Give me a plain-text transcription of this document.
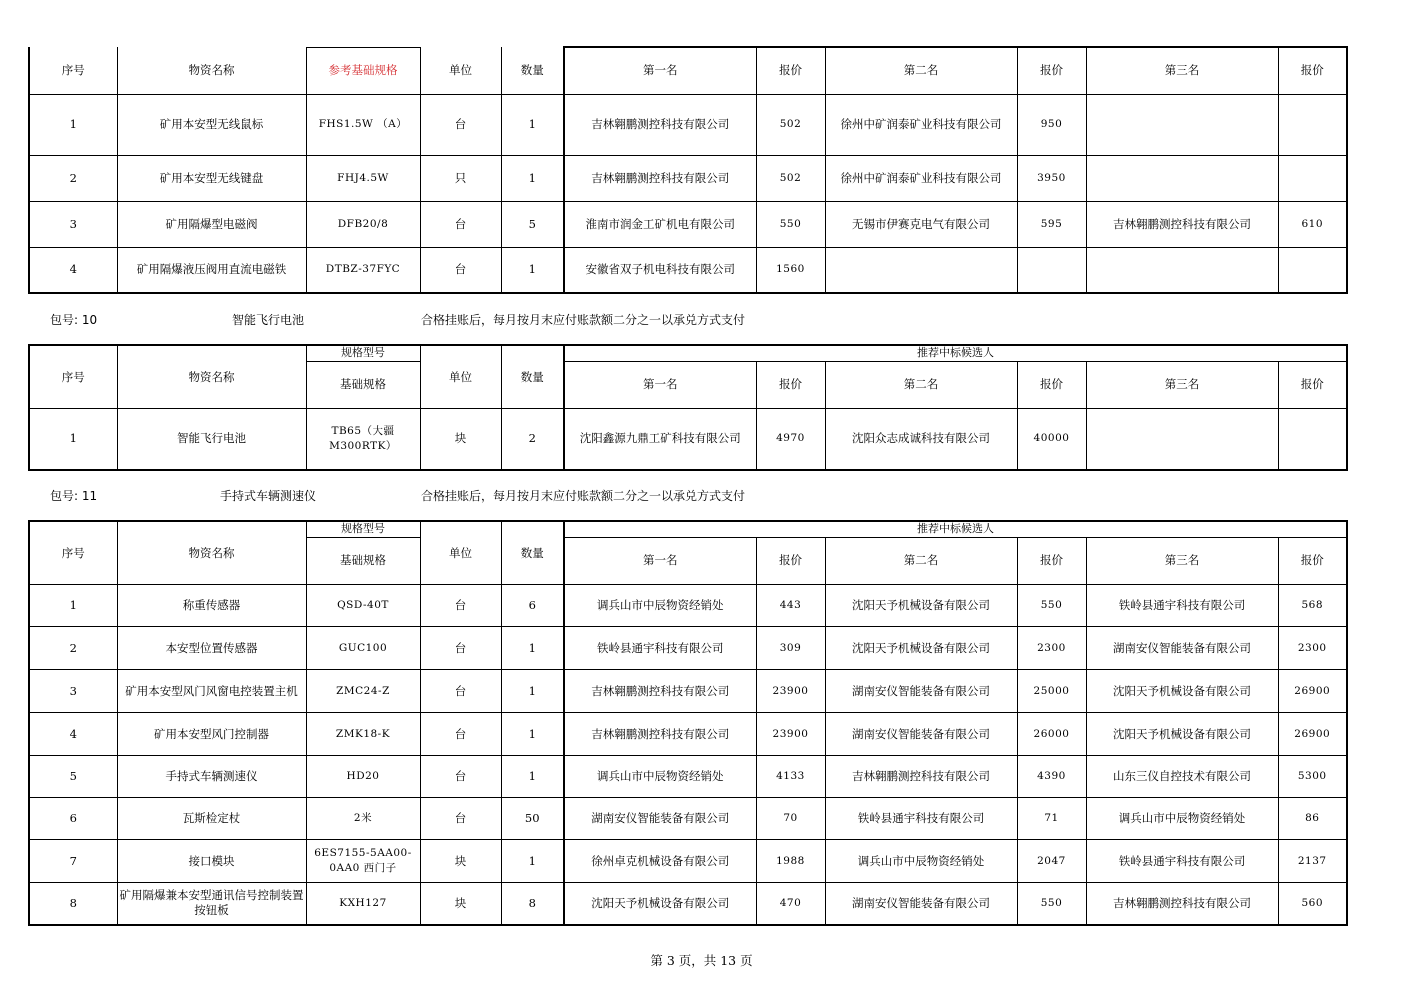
序号	物资名称	参考基础规格	单位	数量	第一名	报价	第二名	报价	第三名	报价
1	矿用本安型无线鼠标	FHS1.5W （A）	台	1	吉林翱鹏测控科技有限公司	502	徐州中矿润泰矿业科技有限公司	950		
2	矿用本安型无线键盘	FHJ4.5W	只	1	吉林翱鹏测控科技有限公司	502	徐州中矿润泰矿业科技有限公司	3950		
3	矿用隔爆型电磁阀	DFB20/8	台	5	淮南市润金工矿机电有限公司	550	无锡市伊赛克电气有限公司	595	吉林翱鹏测控科技有限公司	610
4	矿用隔爆液压阀用直流电磁铁	DTBZ-37FYC	台	1	安徽省双子机电科技有限公司	1560				
包号: 10	智能飞行电池	合格挂账后，每月按月末应付账款额二分之一以承兑方式支付
序号	物资名称	规格型号	单位	数量	推荐中标候选人					
		基础规格			第一名	报价	第二名	报价	第三名	报价
1	智能飞行电池	TB65（大疆M300RTK）	块	2	沈阳鑫源九鼎工矿科技有限公司	4970	沈阳众志成诚科技有限公司	40000		
包号: 11	手持式车辆测速仪	合格挂账后，每月按月末应付账款额二分之一以承兑方式支付
序号	物资名称	规格型号	单位	数量	推荐中标候选人					
		基础规格			第一名	报价	第二名	报价	第三名	报价
1	称重传感器	QSD-40T	台	6	调兵山市中辰物资经销处	443	沈阳天予机械设备有限公司	550	铁岭县通宇科技有限公司	568
2	本安型位置传感器	GUC100	台	1	铁岭县通宇科技有限公司	309	沈阳天予机械设备有限公司	2300	湖南安仪智能装备有限公司	2300
3	矿用本安型风门风窗电控装置主机	ZMC24-Z	台	1	吉林翱鹏测控科技有限公司	23900	湖南安仪智能装备有限公司	25000	沈阳天予机械设备有限公司	26900
4	矿用本安型风门控制器	ZMK18-K	台	1	吉林翱鹏测控科技有限公司	23900	湖南安仪智能装备有限公司	26000	沈阳天予机械设备有限公司	26900
5	手持式车辆测速仪	HD20	台	1	调兵山市中辰物资经销处	4133	吉林翱鹏测控科技有限公司	4390	山东三仪自控技术有限公司	5300
6	瓦斯检定杖	2米	台	50	湖南安仪智能装备有限公司	70	铁岭县通宇科技有限公司	71	调兵山市中辰物资经销处	86
7	接口模块	6ES7155-5AA00-0AA0 西门子	块	1	徐州卓克机械设备有限公司	1988	调兵山市中辰物资经销处	2047	铁岭县通宇科技有限公司	2137
8	矿用隔爆兼本安型通讯信号控制装置按钮板	KXH127	块	8	沈阳天予机械设备有限公司	470	湖南安仪智能装备有限公司	550	吉林翱鹏测控科技有限公司	560
第 3 页，共 13 页
